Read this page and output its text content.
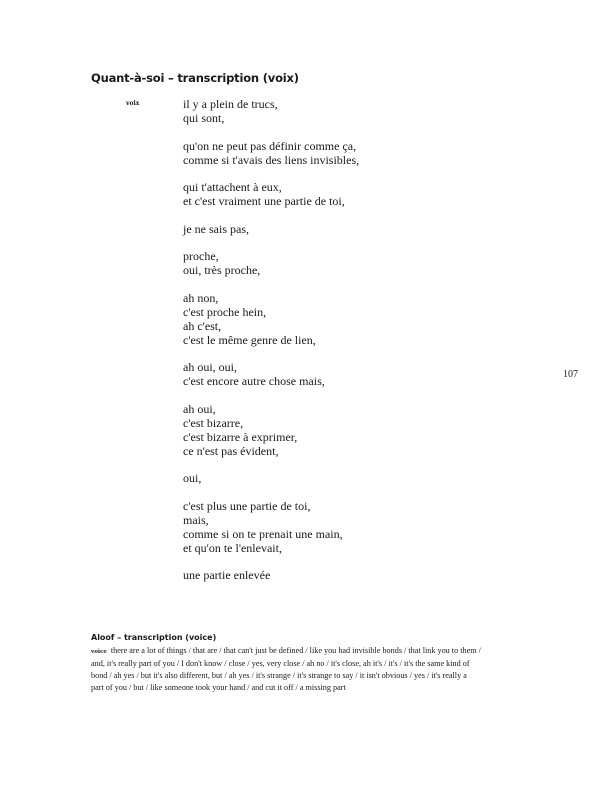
Quant-à-soi – transcription (voix)
voix	il y a plein de trucs,
qui sont,
qu'on ne peut pas définir comme ça,
comme si t'avais des liens invisibles,
qui t'attachent à eux,
et c'est vraiment une partie de toi,
je ne sais pas,
proche,
oui, très proche,
ah non,
c'est proche hein,
ah c'est,
c'est le même genre de lien,
ah oui, oui,
c'est encore autre chose mais,
ah oui,
c'est bizarre,
c'est bizarre à exprimer,
ce n'est pas évident,
oui,
c'est plus une partie de toi,
mais,
comme si on te prenait une main,
et qu'on te l'enlevait,
une partie enlevée
107
Aloof – transcription (voice)
voice there are a lot of things / that are / that can't just be defined / like you had invisible bonds / that link you to them /
and, it's really part of you / I don't know / close / yes, very close / ah no / it's close, ah it's / it's / it's the same kind of
bond / ah yes / but it's also different, but / ah yes / it's strange / it's strange to say / it isn't obvious / yes / it's really a
part of you / but / like someone took your hand / and cut it off / a missing part
